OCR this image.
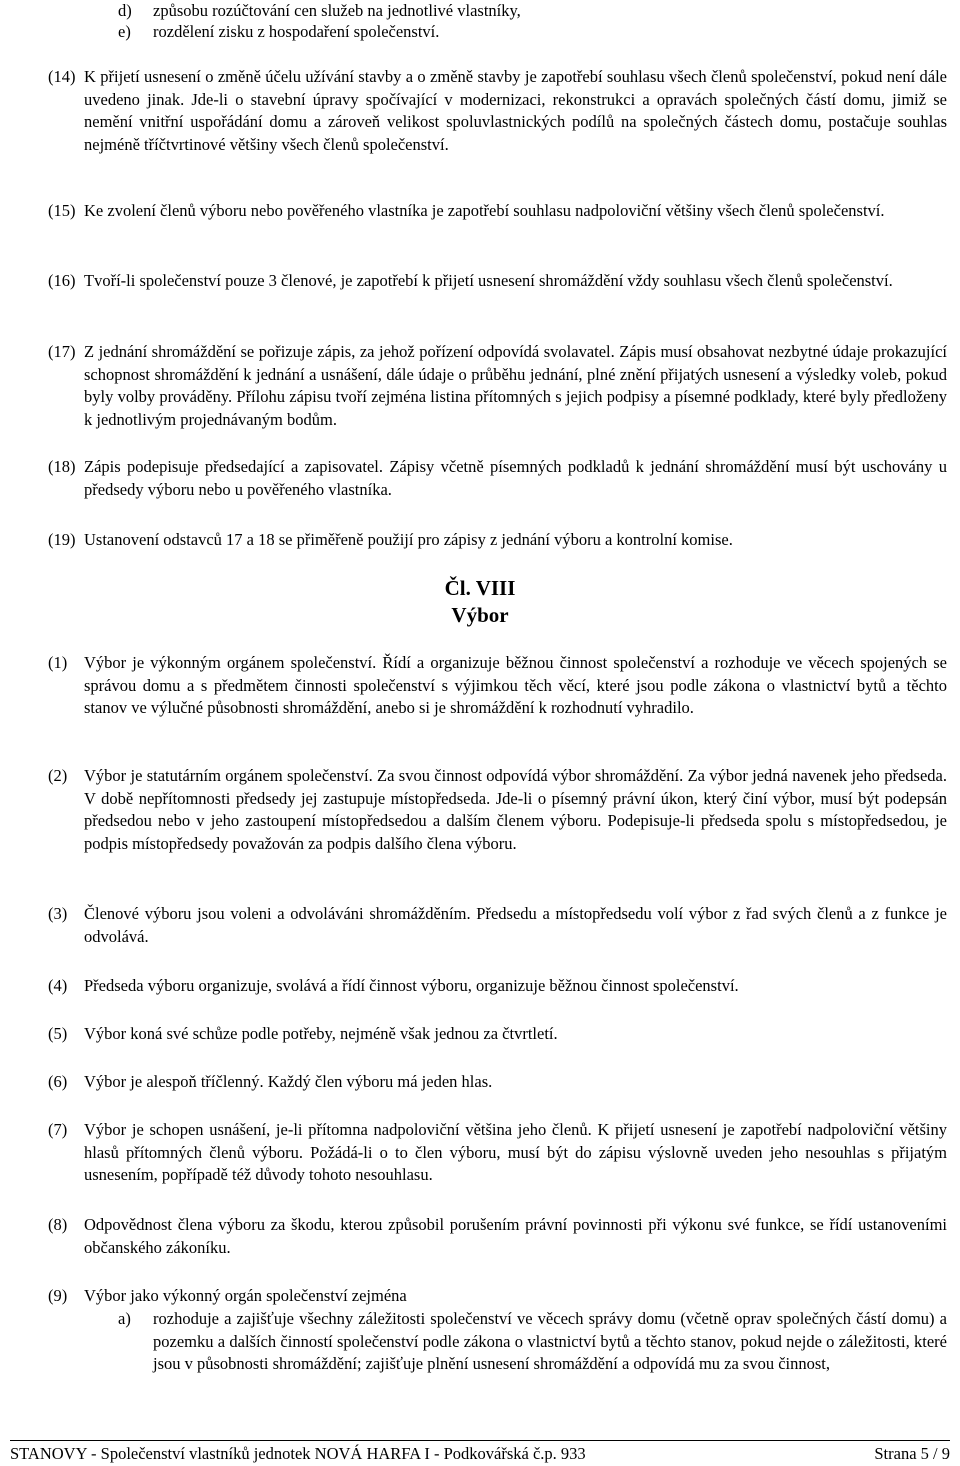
d) způsobu rozúčtování cen služeb na jednotlivé vlastníky,
e) rozdělení zisku z hospodaření společenství.
(14) K přijetí usnesení o změně účelu užívání stavby a o změně stavby je zapotřebí souhlasu všech členů společenství, pokud není dále uvedeno jinak. Jde-li o stavební úpravy spočívající v modernizaci, rekonstrukci a opravách společných částí domu, jimiž se nemění vnitřní uspořádání domu a zároveň velikost spoluvlastnických podílů na společných částech domu, postačuje souhlas nejméně tříčtvrtinové většiny všech členů společenství.
(15) Ke zvolení členů výboru nebo pověřeného vlastníka je zapotřebí souhlasu nadpoloviční většiny všech členů společenství.
(16) Tvoří-li společenství pouze 3 členové, je zapotřebí k přijetí usnesení shromáždění vždy souhlasu všech členů společenství.
(17) Z jednání shromáždění se pořizuje zápis, za jehož pořízení odpovídá svolavatel. Zápis musí obsahovat nezbytné údaje prokazující schopnost shromáždění k jednání a usnášení, dále údaje o průběhu jednání, plné znění přijatých usnesení a výsledky voleb, pokud byly volby prováděny. Přílohu zápisu tvoří zejména listina přítomných s jejich podpisy a písemné podklady, které byly předloženy k jednotlivým projednávaným bodům.
(18) Zápis podepisuje předsedající a zapisovatel. Zápisy včetně písemných podkladů k jednání shromáždění musí být uschovány u předsedy výboru nebo u pověřeného vlastníka.
(19) Ustanovení odstavců 17 a 18 se přiměřeně použijí pro zápisy z jednání výboru a kontrolní komise.
Čl. VIII
Výbor
(1) Výbor je výkonným orgánem společenství. Řídí a organizuje běžnou činnost společenství a rozhoduje ve věcech spojených se správou domu a s předmětem činnosti společenství s výjimkou těch věcí, které jsou podle zákona o vlastnictví bytů a těchto stanov ve výlučné působnosti shromáždění, anebo si je shromáždění k rozhodnutí vyhradilo.
(2) Výbor je statutárním orgánem společenství. Za svou činnost odpovídá výbor shromáždění. Za výbor jedná navenek jeho předseda. V době nepřítomnosti předsedy jej zastupuje místopředseda. Jde-li o písemný právní úkon, který činí výbor, musí být podepsán předsedou nebo v jeho zastoupení místopředsedou a dalším členem výboru. Podepisuje-li předseda spolu s místopředsedou, je podpis místopředsedy považován za podpis dalšího člena výboru.
(3) Členové výboru jsou voleni a odvoláváni shromážděním. Předsedu a místopředsedu volí výbor z řad svých členů a z funkce je odvolává.
(4) Předseda výboru organizuje, svolává a řídí činnost výboru, organizuje běžnou činnost společenství.
(5) Výbor koná své schůze podle potřeby, nejméně však jednou za čtvrtletí.
(6) Výbor je alespoň tříčlenný. Každý člen výboru má jeden hlas.
(7) Výbor je schopen usnášení, je-li přítomna nadpoloviční většina jeho členů. K přijetí usnesení je zapotřebí nadpoloviční většiny hlasů přítomných členů výboru. Požádá-li o to člen výboru, musí být do zápisu výslovně uveden jeho nesouhlas s přijatým usnesením, popřípadě též důvody tohoto nesouhlasu.
(8) Odpovědnost člena výboru za škodu, kterou způsobil porušením právní povinnosti při výkonu své funkce, se řídí ustanoveními občanského zákoníku.
(9) Výbor jako výkonný orgán společenství zejména
a) rozhoduje a zajišťuje všechny záležitosti společenství ve věcech správy domu (včetně oprav společných částí domu) a pozemku a dalších činností společenství podle zákona o vlastnictví bytů a těchto stanov, pokud nejde o záležitosti, které jsou v působnosti shromáždění; zajišťuje plnění usnesení shromáždění a odpovídá mu za svou činnost,
STANOVY - Společenství vlastníků jednotek NOVÁ HARFA I - Podkovářská č.p. 933	Strana 5 / 9
